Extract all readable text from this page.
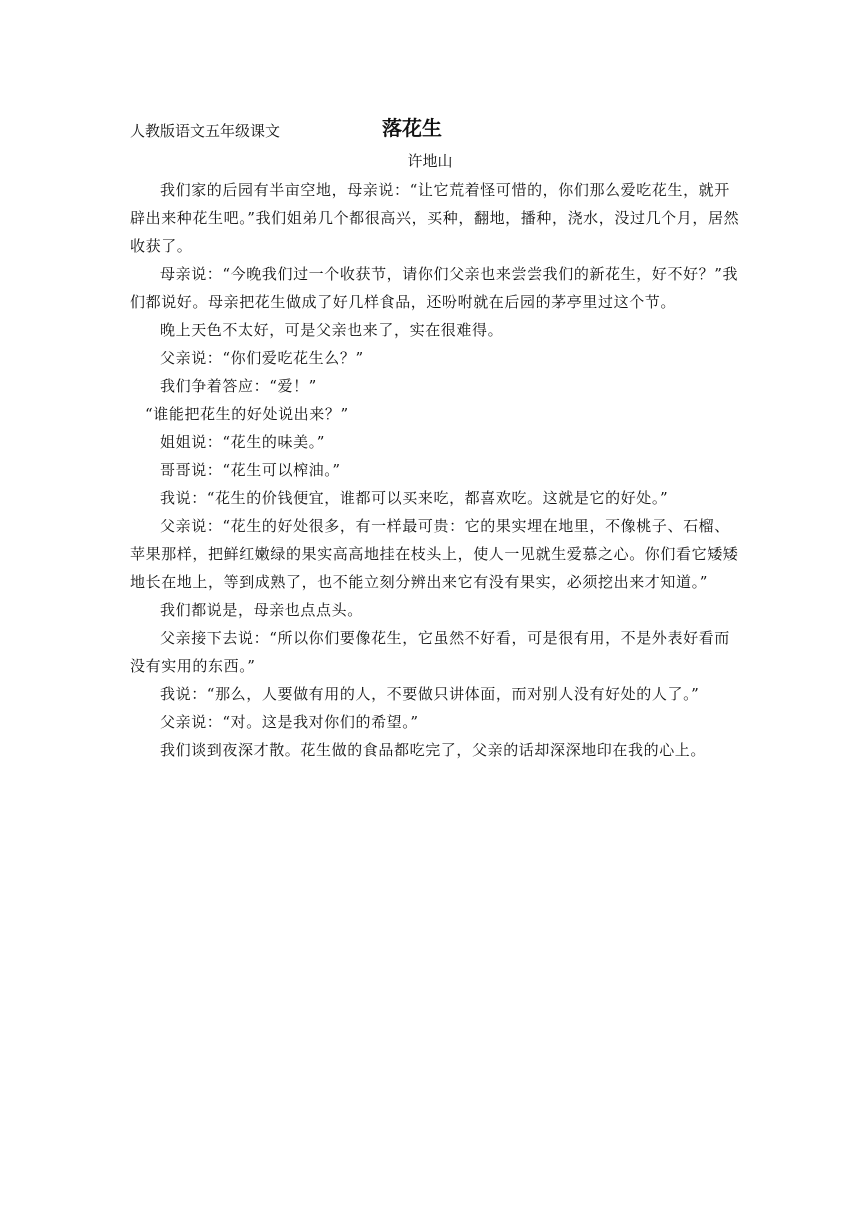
人教版语文五年级课文	落花生
许地山

我们家的后园有半亩空地，母亲说：“让它荒着怪可惜的，你们那么爱吃花生，就开辟出来种花生吧。”我们姐弟几个都很高兴，买种，翻地，播种，浇水，没过几个月，居然收获了。

母亲说：“今晚我们过一个收获节，请你们父亲也来尝尝我们的新花生，好不好？”我们都说好。母亲把花生做成了好几样食品，还吩咐就在后园的茅亭里过这个节。

晚上天色不太好，可是父亲也来了，实在很难得。

父亲说：“你们爱吃花生么？”

我们争着答应：“爱！”

“谁能把花生的好处说出来？”

姐姐说：“花生的味美。”

哥哥说：“花生可以榨油。”

我说：“花生的价钱便宜，谁都可以买来吃，都喜欢吃。这就是它的好处。”

父亲说：“花生的好处很多，有一样最可贵：它的果实埋在地里，不像桃子、石榴、苹果那样，把鲜红嫩绿的果实高高地挂在枝头上，使人一见就生爱慕之心。你们看它矮矮地长在地上，等到成熟了，也不能立刻分辨出来它有没有果实，必须挖出来才知道。”

我们都说是，母亲也点点头。

父亲接下去说：“所以你们要像花生，它虽然不好看，可是很有用，不是外表好看而没有实用的东西。”

我说：“那么，人要做有用的人，不要做只讲体面，而对别人没有好处的人了。”

父亲说：“对。这是我对你们的希望。”

我们谈到夜深才散。花生做的食品都吃完了，父亲的话却深深地印在我的心上。
